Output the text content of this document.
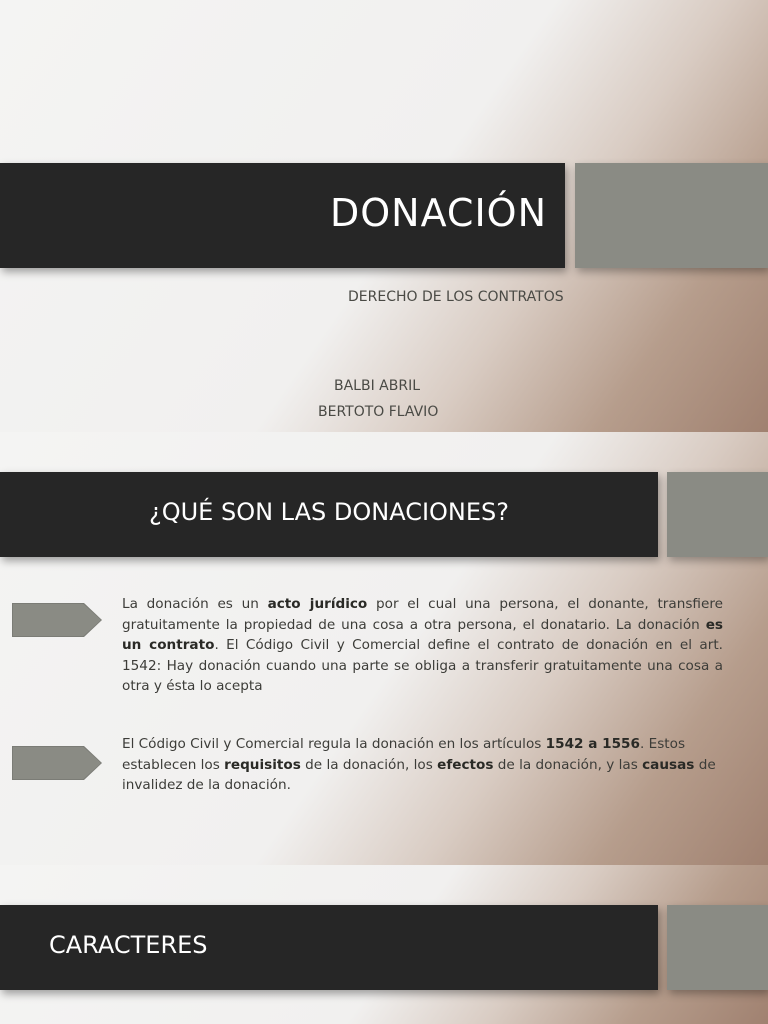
DONACIÓN
DERECHO DE LOS CONTRATOS
BALBI ABRIL
BERTOTO FLAVIO
¿QUÉ SON LAS DONACIONES?

La donación es un acto jurídico por el cual una persona, el donante, transfiere gratuitamente la propiedad de una cosa a otra persona, el donatario. La donación es un contrato. El Código Civil y Comercial define el contrato de donación en el art. 1542: Hay donación cuando una parte se obliga a transferir gratuitamente una cosa a otra y ésta lo acepta

El Código Civil y Comercial regula la donación en los artículos 1542 a 1556. Estos establecen los requisitos de la donación, los efectos de la donación, y las causas de invalidez de la donación.

CARACTERES
